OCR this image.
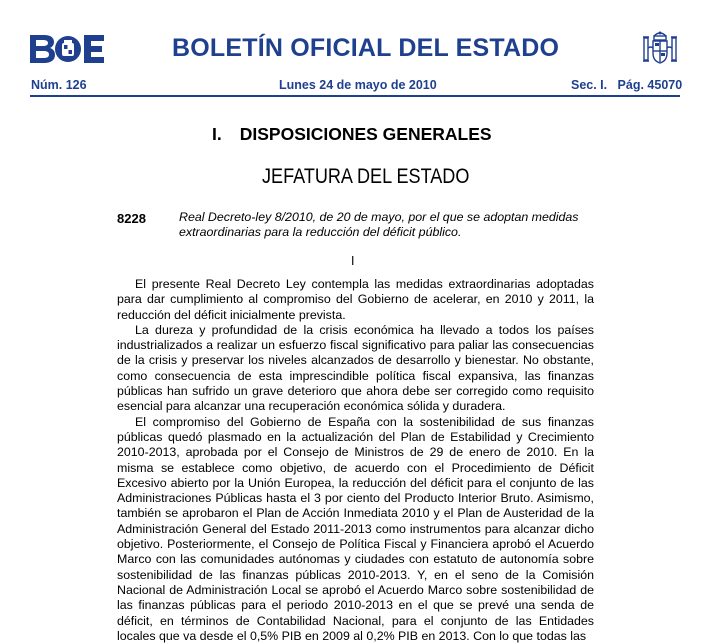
BOLETÍN OFICIAL DEL ESTADO
Núm. 126	Lunes 24 de mayo de 2010	Sec. I.   Pág. 45070
I. DISPOSICIONES GENERALES
JEFATURA DEL ESTADO
8228	Real Decreto-ley 8/2010, de 20 de mayo, por el que se adoptan medidas extraordinarias para la reducción del déficit público.
I

El presente Real Decreto Ley contempla las medidas extraordinarias adoptadas para dar cumplimiento al compromiso del Gobierno de acelerar, en 2010 y 2011, la reducción del déficit inicialmente prevista.

La dureza y profundidad de la crisis económica ha llevado a todos los países industrializados a realizar un esfuerzo fiscal significativo para paliar las consecuencias de la crisis y preservar los niveles alcanzados de desarrollo y bienestar. No obstante, como consecuencia de esta imprescindible política fiscal expansiva, las finanzas públicas han sufrido un grave deterioro que ahora debe ser corregido como requisito esencial para alcanzar una recuperación económica sólida y duradera.

El compromiso del Gobierno de España con la sostenibilidad de sus finanzas públicas quedó plasmado en la actualización del Plan de Estabilidad y Crecimiento 2010-2013, aprobada por el Consejo de Ministros de 29 de enero de 2010. En la misma se establece como objetivo, de acuerdo con el Procedimiento de Déficit Excesivo abierto por la Unión Europea, la reducción del déficit para el conjunto de las Administraciones Públicas hasta el 3 por ciento del Producto Interior Bruto. Asimismo, también se aprobaron el Plan de Acción Inmediata 2010 y el Plan de Austeridad de la Administración General del Estado 2011-2013 como instrumentos para alcanzar dicho objetivo. Posteriormente, el Consejo de Política Fiscal y Financiera aprobó el Acuerdo Marco con las comunidades autónomas y ciudades con estatuto de autonomía sobre sostenibilidad de las finanzas públicas 2010-2013. Y, en el seno de la Comisión Nacional de Administración Local se aprobó el Acuerdo Marco sobre sostenibilidad de las finanzas públicas para el periodo 2010-2013 en el que se prevé una senda de déficit, en términos de Contabilidad Nacional, para el conjunto de las Entidades locales que va desde el 0,5% PIB en 2009 al 0,2% PIB en 2013. Con lo que todas las
